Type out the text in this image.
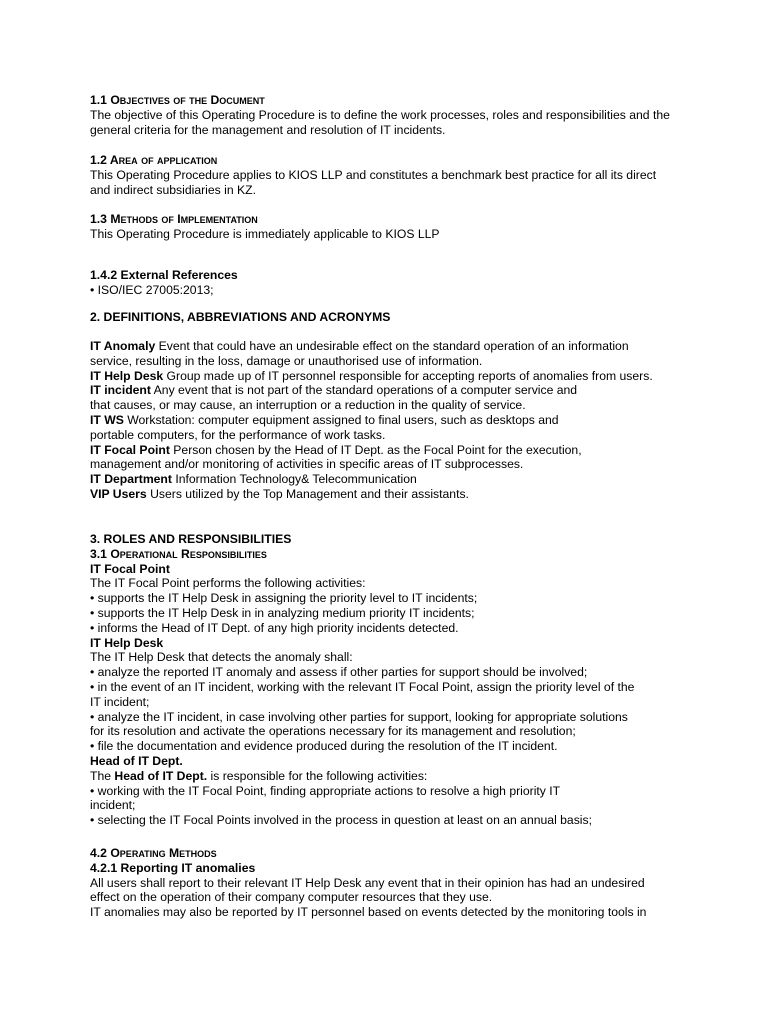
1.1 Objectives of the Document

The objective of this Operating Procedure is to define the work processes, roles and responsibilities and the general criteria for the management and resolution of IT incidents.

1.2 Area of application

This Operating Procedure applies to KIOS LLP and constitutes a benchmark best practice for all its direct and indirect subsidiaries in KZ.

1.3 Methods of Implementation

This Operating Procedure is immediately applicable to KIOS LLP

1.4.2 External References

• ISO/IEC 27005:2013;

2. DEFINITIONS, ABBREVIATIONS AND ACRONYMS

IT Anomaly Event that could have an undesirable effect on the standard operation of an information

service, resulting in the loss, damage or unauthorised use of information.

IT Help Desk Group made up of IT personnel responsible for accepting reports of anomalies from users.

IT incident Any event that is not part of the standard operations of a computer service and

that causes, or may cause, an interruption or a reduction in the quality of service.

IT WS Workstation: computer equipment assigned to final users, such as desktops and

portable computers, for the performance of work tasks.

IT Focal Point Person chosen by the Head of IT Dept. as the Focal Point for the execution,

management and/or monitoring of activities in specific areas of IT subprocesses.

IT Department Information Technology& Telecommunication

VIP Users Users utilized by the Top Management and their assistants.

3. ROLES AND RESPONSIBILITIES

3.1 Operational Responsibilities

IT Focal Point

The IT Focal Point performs the following activities:

• supports the IT Help Desk in assigning the priority level to IT incidents;

• supports the IT Help Desk in in analyzing medium priority IT incidents;

• informs the Head of IT Dept. of any high priority incidents detected.

IT Help Desk

The IT Help Desk that detects the anomaly shall:

• analyze the reported IT anomaly and assess if other parties for support should be involved;

• in the event of an IT incident, working with the relevant IT Focal Point, assign the priority level of the

IT incident;

• analyze the IT incident, in case involving other parties for support, looking for appropriate solutions

for its resolution and activate the operations necessary for its management and resolution;

• file the documentation and evidence produced during the resolution of the IT incident.

Head of IT Dept.

The Head of IT Dept. is responsible for the following activities:

• working with the IT Focal Point, finding appropriate actions to resolve a high priority IT

incident;

• selecting the IT Focal Points involved in the process in question at least on an annual basis;

4.2 Operating Methods

4.2.1 Reporting IT anomalies

All users shall report to their relevant IT Help Desk any event that in their opinion has had an undesired

effect on the operation of their company computer resources that they use.

IT anomalies may also be reported by IT personnel based on events detected by the monitoring tools in
